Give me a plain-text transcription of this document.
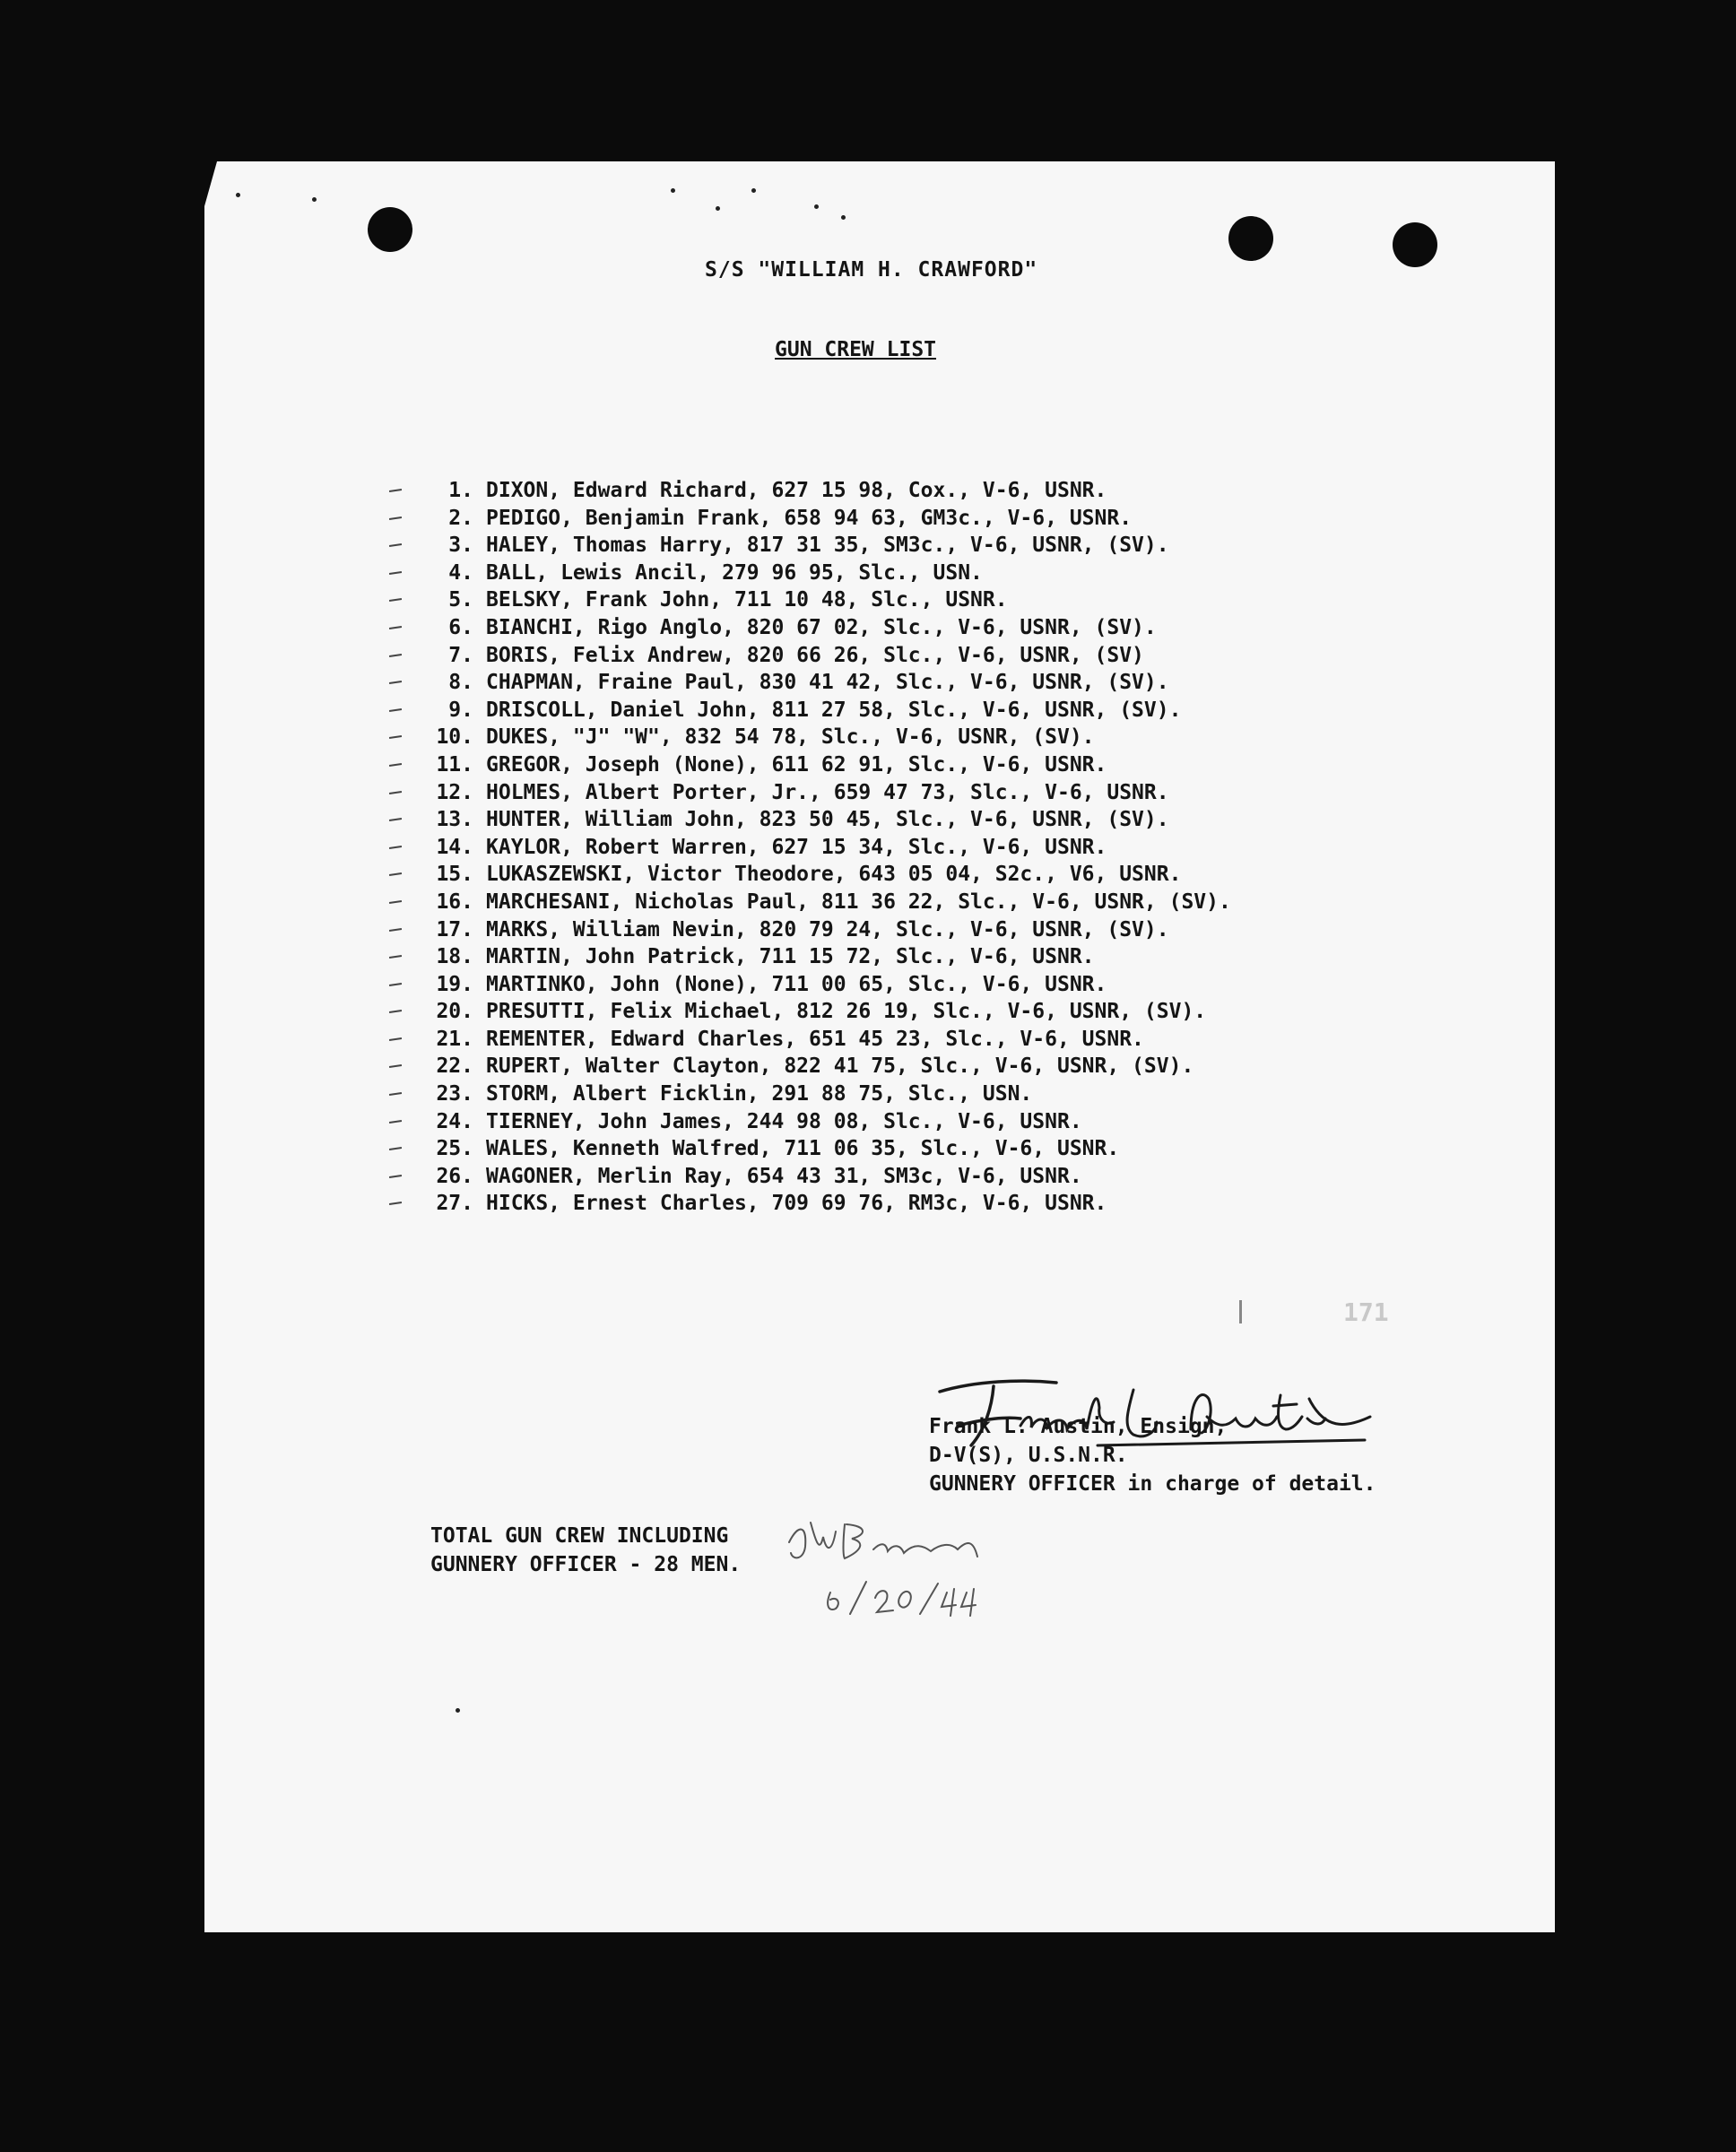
S/S "WILLIAM H. CRAWFORD"
GUN CREW LIST
1. DIXON, Edward Richard, 627 15 98, Cox., V-6, USNR.
2. PEDIGO, Benjamin Frank, 658 94 63, GM3c., V-6, USNR.
3. HALEY, Thomas Harry, 817 31 35, SM3c., V-6, USNR, (SV).
4. BALL, Lewis Ancil, 279 96 95, Slc., USN.
5. BELSKY, Frank John, 711 10 48, Slc., USNR.
6. BIANCHI, Rigo Anglo, 820 67 02, Slc., V-6, USNR, (SV).
7. BORIS, Felix Andrew, 820 66 26, Slc., V-6, USNR, (SV)
8. CHAPMAN, Fraine Paul, 830 41 42, Slc., V-6, USNR, (SV).
9. DRISCOLL, Daniel John, 811 27 58, Slc., V-6, USNR, (SV).
10. DUKES, "J" "W", 832 54 78, Slc., V-6, USNR, (SV).
11. GREGOR, Joseph (None), 611 62 91, Slc., V-6, USNR.
12. HOLMES, Albert Porter, Jr., 659 47 73, Slc., V-6, USNR.
13. HUNTER, William John, 823 50 45, Slc., V-6, USNR, (SV).
14. KAYLOR, Robert Warren, 627 15 34, Slc., V-6, USNR.
15. LUKASZEWSKI, Victor Theodore, 643 05 04, S2c., V6, USNR.
16. MARCHESANI, Nicholas Paul, 811 36 22, Slc., V-6, USNR, (SV).
17. MARKS, William Nevin, 820 79 24, Slc., V-6, USNR, (SV).
18. MARTIN, John Patrick, 711 15 72, Slc., V-6, USNR.
19. MARTINKO, John (None), 711 00 65, Slc., V-6, USNR.
20. PRESUTTI, Felix Michael, 812 26 19, Slc., V-6, USNR, (SV).
21. REMENTER, Edward Charles, 651 45 23, Slc., V-6, USNR.
22. RUPERT, Walter Clayton, 822 41 75, Slc., V-6, USNR, (SV).
23. STORM, Albert Ficklin, 291 88 75, Slc., USN.
24. TIERNEY, John James, 244 98 08, Slc., V-6, USNR.
25. WALES, Kenneth Walfred, 711 06 35, Slc., V-6, USNR.
26. WAGONER, Merlin Ray, 654 43 31, SM3c, V-6, USNR.
27. HICKS, Ernest Charles, 709 69 76, RM3c, V-6, USNR.
171
Frank L. Austin, Ensign,
D-V(S), U.S.N.R.
GUNNERY OFFICER in charge of detail.
TOTAL GUN CREW INCLUDING
GUNNERY OFFICER - 28 MEN.
